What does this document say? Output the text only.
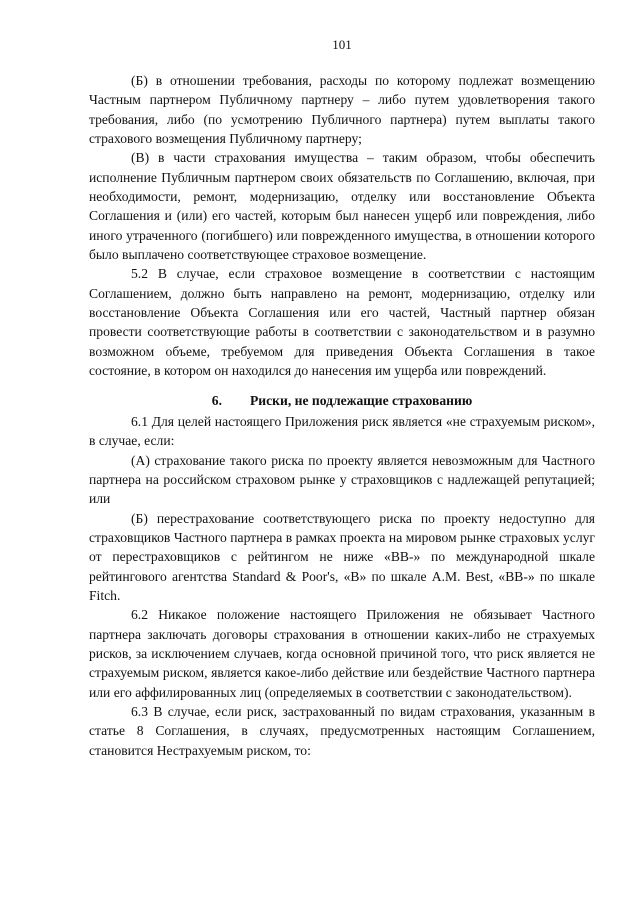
101

(Б) в отношении требования, расходы по которому подлежат возмещению Частным партнером Публичному партнеру – либо путем удовлетворения такого требования, либо (по усмотрению Публичного партнера) путем выплаты такого страхового возмещения Публичному партнеру;

(В) в части страхования имущества – таким образом, чтобы обеспечить исполнение Публичным партнером своих обязательств по Соглашению, включая, при необходимости, ремонт, модернизацию, отделку или восстановление Объекта Соглашения и (или) его частей, которым был нанесен ущерб или повреждения, либо иного утраченного (погибшего) или поврежденного имущества, в отношении которого было выплачено соответствующее страховое возмещение.

5.2 В случае, если страховое возмещение в соответствии с настоящим Соглашением, должно быть направлено на ремонт, модернизацию, отделку или восстановление Объекта Соглашения или его частей, Частный партнер обязан провести соответствующие работы в соответствии с законодательством и в разумно возможном объеме, требуемом для приведения Объекта Соглашения в такое состояние, в котором он находился до нанесения им ущерба или повреждений.

6. Риски, не подлежащие страхованию

6.1 Для целей настоящего Приложения риск является «не страхуемым риском», в случае, если:

(А) страхование такого риска по проекту является невозможным для Частного партнера на российском страховом рынке у страховщиков с надлежащей репутацией; или

(Б) перестрахование соответствующего риска по проекту недоступно для страховщиков Частного партнера в рамках проекта на мировом рынке страховых услуг от перестраховщиков с рейтингом не ниже «BB-» по международной шкале рейтингового агентства Standard & Poor's, «B» по шкале A.M. Best, «BB-» по шкале Fitch.

6.2 Никакое положение настоящего Приложения не обязывает Частного партнера заключать договоры страхования в отношении каких-либо не страхуемых рисков, за исключением случаев, когда основной причиной того, что риск является не страхуемым риском, является какое-либо действие или бездействие Частного партнера или его аффилированных лиц (определяемых в соответствии с законодательством).

6.3 В случае, если риск, застрахованный по видам страхования, указанным в статье 8 Соглашения, в случаях, предусмотренных настоящим Соглашением, становится Нестрахуемым риском, то:
